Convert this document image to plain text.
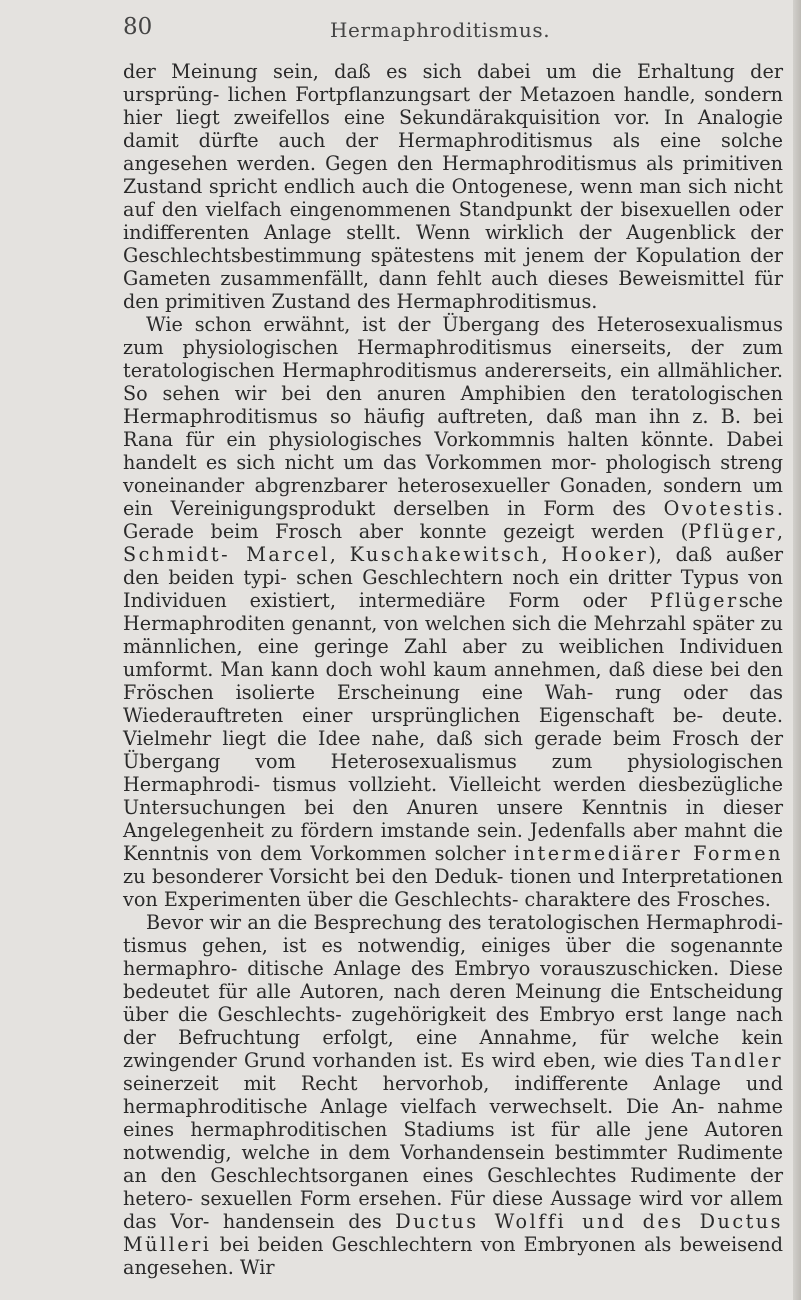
80	Hermaphroditismus.

der Meinung sein, daß es sich dabei um die Erhaltung der ursprüng- lichen Fortpflanzungsart der Metazoen handle, sondern hier liegt zweifellos eine Sekundärakquisition vor. In Analogie damit dürfte auch der Hermaphroditismus als eine solche angesehen werden. Gegen den Hermaphroditismus als primitiven Zustand spricht endlich auch die Ontogenese, wenn man sich nicht auf den vielfach eingenommenen Standpunkt der bisexuellen oder indifferenten Anlage stellt. Wenn wirklich der Augenblick der Geschlechtsbestimmung spätestens mit jenem der Kopulation der Gameten zusammenfällt, dann fehlt auch dieses Beweismittel für den primitiven Zustand des Hermaphroditismus.

Wie schon erwähnt, ist der Übergang des Heterosexualismus zum physiologischen Hermaphroditismus einerseits, der zum teratologischen Hermaphroditismus andererseits, ein allmählicher. So sehen wir bei den anuren Amphibien den teratologischen Hermaphroditismus so häufig auftreten, daß man ihn z. B. bei Rana für ein physiologisches Vorkommnis halten könnte. Dabei handelt es sich nicht um das Vorkommen mor- phologisch streng voneinander abgrenzbarer heterosexueller Gonaden, sondern um ein Vereinigungsprodukt derselben in Form des Ovotestis. Gerade beim Frosch aber konnte gezeigt werden (Pflüger, Schmidt- Marcel, Kuschakewitsch, Hooker), daß außer den beiden typi- schen Geschlechtern noch ein dritter Typus von Individuen existiert, intermediäre Form oder Pflügersche Hermaphroditen genannt, von welchen sich die Mehrzahl später zu männlichen, eine geringe Zahl aber zu weiblichen Individuen umformt. Man kann doch wohl kaum annehmen, daß diese bei den Fröschen isolierte Erscheinung eine Wah- rung oder das Wiederauftreten einer ursprünglichen Eigenschaft be- deute. Vielmehr liegt die Idee nahe, daß sich gerade beim Frosch der Übergang vom Heterosexualismus zum physiologischen Hermaphrodi- tismus vollzieht. Vielleicht werden diesbezügliche Untersuchungen bei den Anuren unsere Kenntnis in dieser Angelegenheit zu fördern imstande sein. Jedenfalls aber mahnt die Kenntnis von dem Vorkommen solcher intermediärer Formen zu besonderer Vorsicht bei den Deduk- tionen und Interpretationen von Experimenten über die Geschlechts- charaktere des Frosches.

Bevor wir an die Besprechung des teratologischen Hermaphrodi- tismus gehen, ist es notwendig, einiges über die sogenannte hermaphro- ditische Anlage des Embryo vorauszuschicken. Diese bedeutet für alle Autoren, nach deren Meinung die Entscheidung über die Geschlechts- zugehörigkeit des Embryo erst lange nach der Befruchtung erfolgt, eine Annahme, für welche kein zwingender Grund vorhanden ist. Es wird eben, wie dies Tandler seinerzeit mit Recht hervorhob, indifferente Anlage und hermaphroditische Anlage vielfach verwechselt. Die An- nahme eines hermaphroditischen Stadiums ist für alle jene Autoren notwendig, welche in dem Vorhandensein bestimmter Rudimente an den Geschlechtsorganen eines Geschlechtes Rudimente der hetero- sexuellen Form ersehen. Für diese Aussage wird vor allem das Vor- handensein des Ductus Wolffi und des Ductus Mülleri bei beiden Geschlechtern von Embryonen als beweisend angesehen. Wir
